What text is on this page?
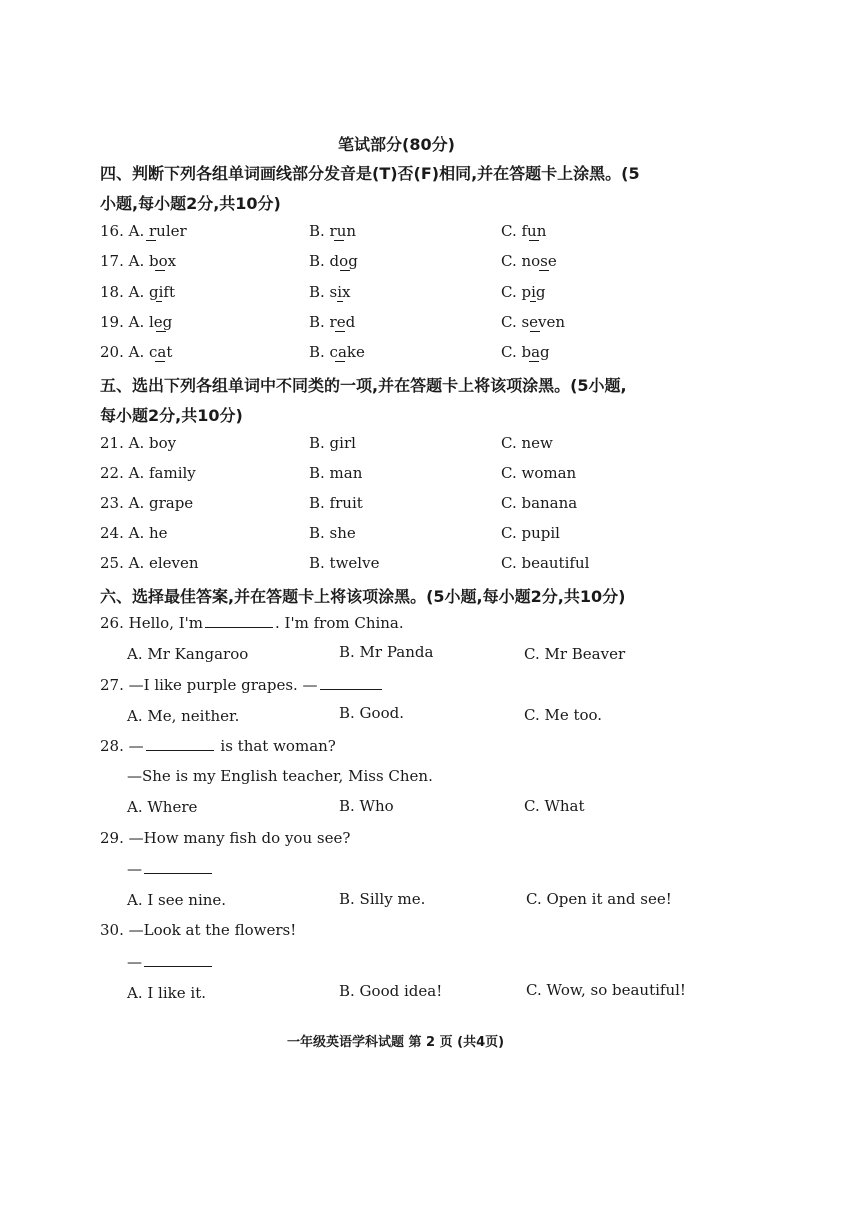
笔试部分(80分)
四、判断下列各组单词画线部分发音是(T)否(F)相同,并在答题卡上涂黑。(5
小题,每小题2分,共10分)
16. A. ruler	B. run	C. fun
17. A. box	B. dog	C. nose
18. A. gift	B. six	C. pig
19. A. leg	B. red	C. seven
20. A. cat	B. cake	C. bag
五、选出下列各组单词中不同类的一项,并在答题卡上将该项涂黑。(5小题,
每小题2分,共10分)
21. A. boy	B. girl	C. new
22. A. family	B. man	C. woman
23. A. grape	B. fruit	C. banana
24. A. he	B. she	C. pupil
25. A. eleven	B. twelve	C. beautiful
六、选择最佳答案,并在答题卡上将该项涂黑。(5小题,每小题2分,共10分)
26. Hello, I'm	. I'm from China.
A. Mr Kangaroo	B. Mr Panda	C. Mr Beaver
27. —I like purple grapes. —
A. Me, neither.	B. Good.	C. Me too.
28. —	is that woman?
—She is my English teacher, Miss Chen.
A. Where	B. Who	C. What
29. —How many fish do you see?
—
A. I see nine.	B. Silly me.	C. Open it and see!
30. —Look at the flowers!
—
A. I like it.	B. Good idea!	C. Wow, so beautiful!
一年级英语学科试题 第 2 页 (共4页)
